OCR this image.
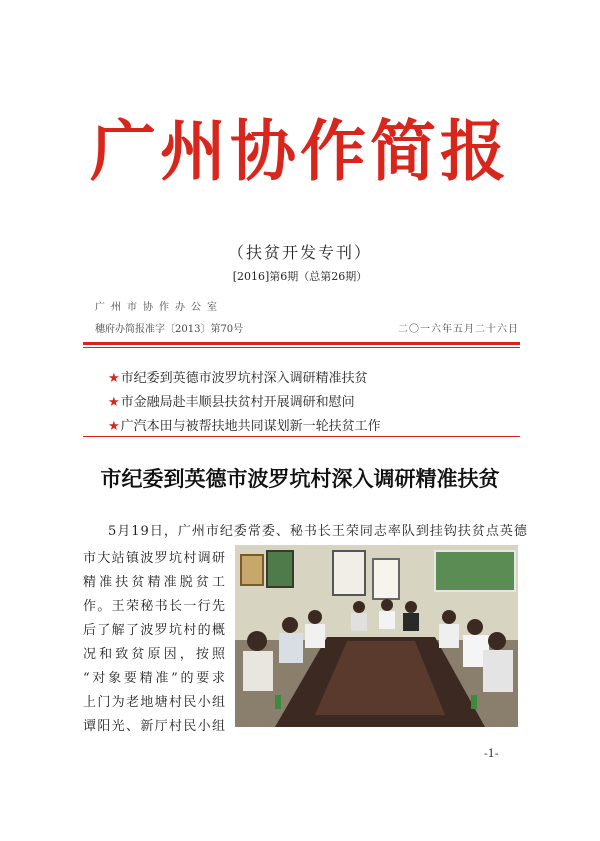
广州协作简报
（扶贫开发专刊）
[2016]第6期（总第26期）
广州市协作办公室
穗府办简报准字〔2013〕第70号	二〇一六年五月二十六日
★市纪委到英德市波罗坑村深入调研精准扶贫
★市金融局赴丰顺县扶贫村开展调研和慰问
★广汽本田与被帮扶地共同谋划新一轮扶贫工作
市纪委到英德市波罗坑村深入调研精准扶贫
5月19日，广州市纪委常委、秘书长王荣同志率队到挂钩扶贫点英德
市大站镇波罗坑村调研
精准扶贫精准脱贫工
作。王荣秘书长一行先
后了解了波罗坑村的概
况和致贫原因，按照
“对象要精准”的要求
上门为老地塘村民小组
谭阳光、新厅村民小组
-1-
